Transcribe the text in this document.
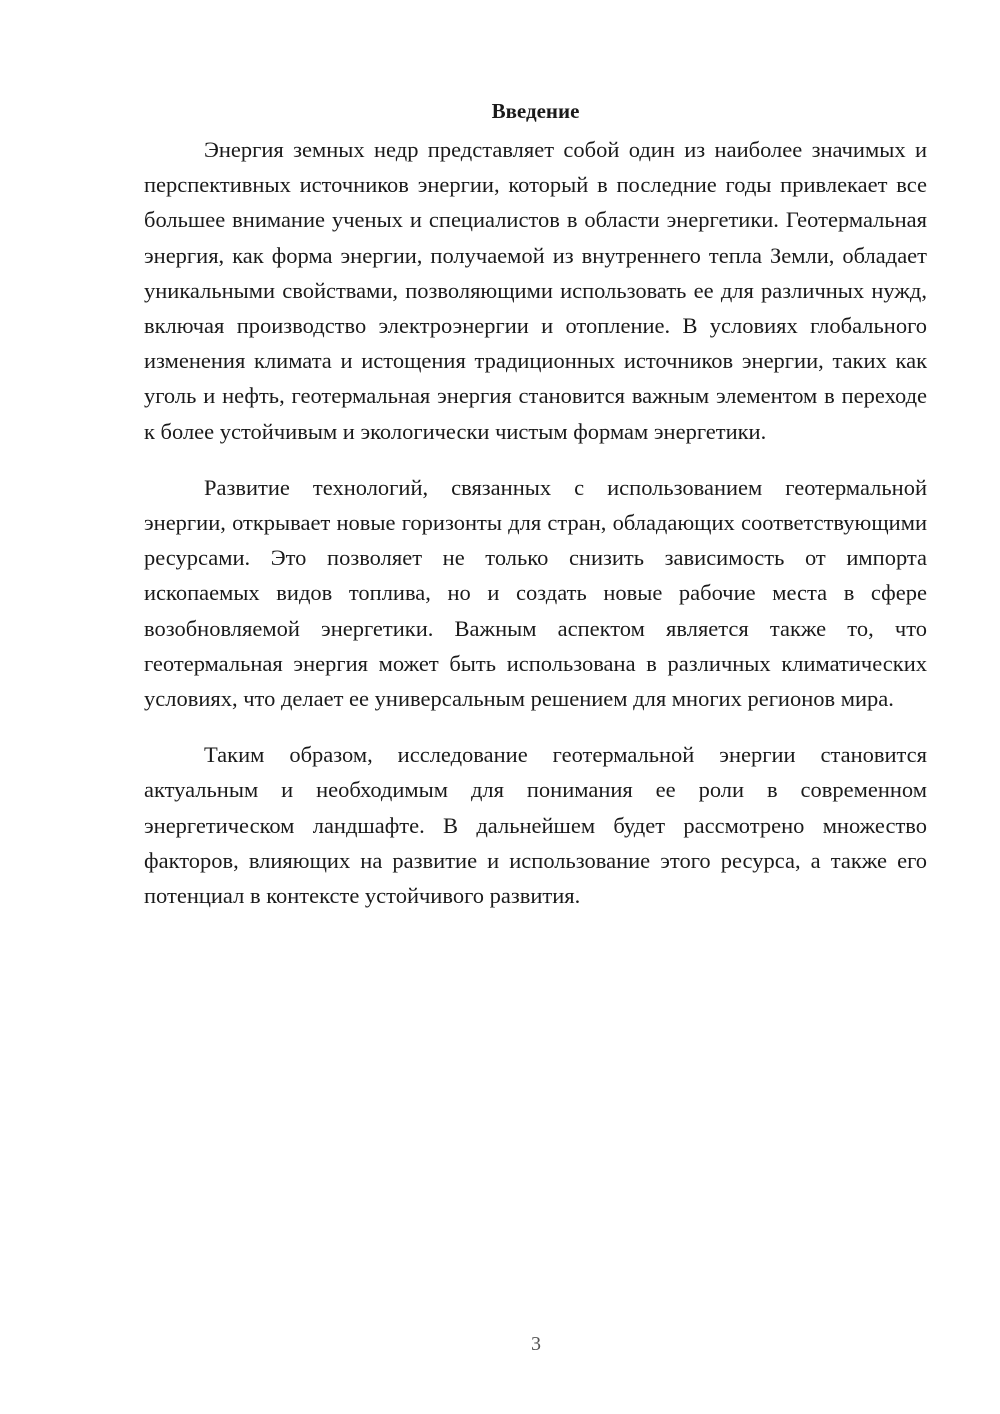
Введение

Энергия земных недр представляет собой один из наиболее значимых и перспективных источников энергии, который в последние годы привлекает все большее внимание ученых и специалистов в области энергетики. Геотермальная энергия, как форма энергии, получаемой из внутреннего тепла Земли, обладает уникальными свойствами, позволяющими использовать ее для различных нужд, включая производство электроэнергии и отопление. В условиях глобального изменения климата и истощения традиционных источников энергии, таких как уголь и нефть, геотермальная энергия становится важным элементом в переходе к более устойчивым и экологически чистым формам энергетики.

Развитие технологий, связанных с использованием геотермальной энергии, открывает новые горизонты для стран, обладающих соответствующими ресурсами. Это позволяет не только снизить зависимость от импорта ископаемых видов топлива, но и создать новые рабочие места в сфере возобновляемой энергетики. Важным аспектом является также то, что геотермальная энергия может быть использована в различных климатических условиях, что делает ее универсальным решением для многих регионов мира.

Таким образом, исследование геотермальной энергии становится актуальным и необходимым для понимания ее роли в современном энергетическом ландшафте. В дальнейшем будет рассмотрено множество факторов, влияющих на развитие и использование этого ресурса, а также его потенциал в контексте устойчивого развития.

3
